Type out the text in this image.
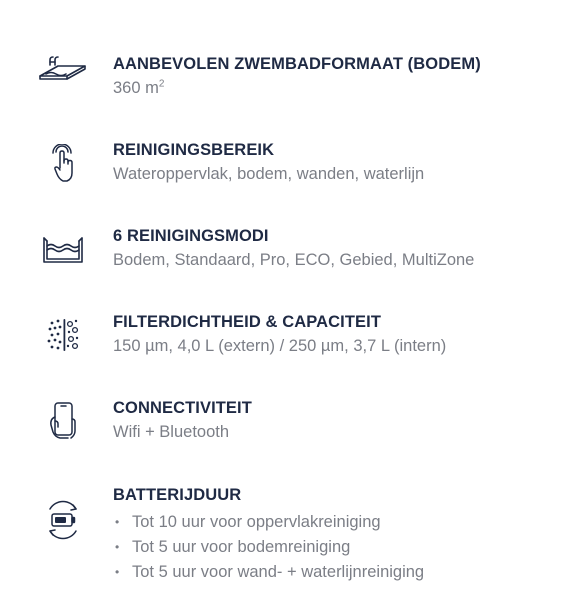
AANBEVOLEN ZWEMBADFORMAAT (BODEM)

360 $m^2$

REINIGINGSBEREIK

Wateroppervlak, bodem, wanden, waterlijn

6 REINIGINGSMODI

Bodem, Standaard, Pro, ECO, Gebied, MultiZone

FILTERDICHTHEID & CAPACITEIT

150 µm, 4,0 L (extern) / 250 µm, 3,7 L (intern)

CONNECTIVITEIT

Wifi + Bluetooth

BATTERIJDUUR
• Tot 10 uur voor oppervlakreiniging
• Tot 5 uur voor bodemreiniging
• Tot 5 uur voor wand- + waterlijnreiniging
